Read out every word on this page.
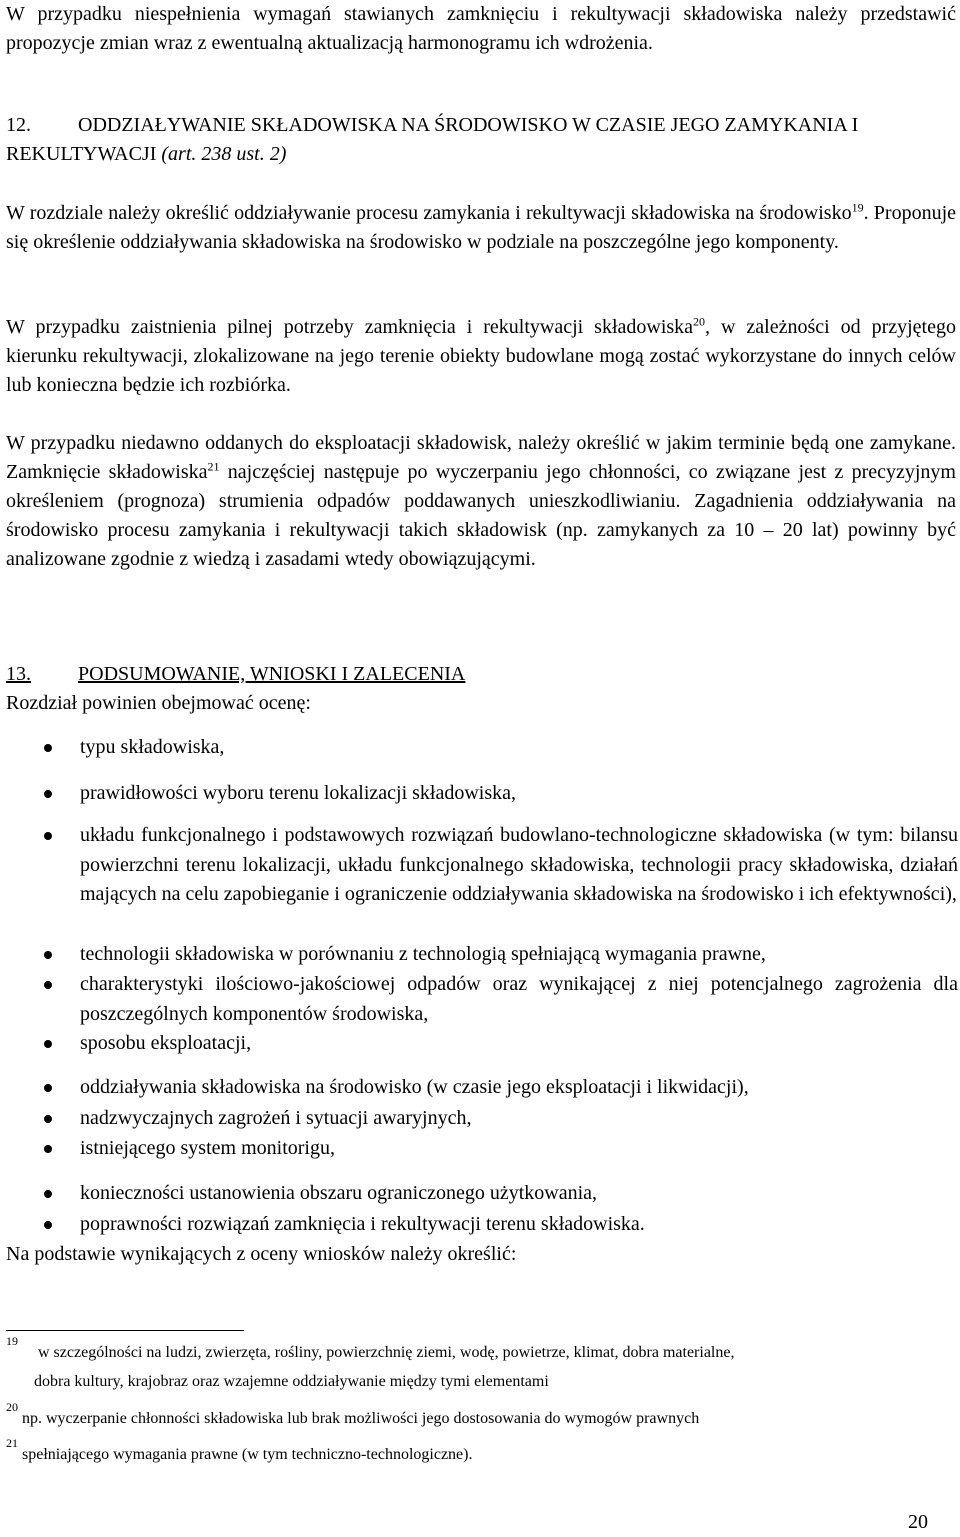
W przypadku niespełnienia wymagań stawianych zamknięciu i rekultywacji składowiska należy przedstawić propozycje zmian wraz z ewentualną aktualizacją harmonogramu ich wdrożenia.

12. ODDZIAŁYWANIE SKŁADOWISKA NA ŚRODOWISKO W CZASIE JEGO ZAMYKANIA I REKULTYWACJI (art. 238 ust. 2)

W rozdziale należy określić oddziaływanie procesu zamykania i rekultywacji składowiska na środowisko$^{19}$. Proponuje się określenie oddziaływania składowiska na środowisko w podziale na poszczególne jego komponenty.

W przypadku zaistnienia pilnej potrzeby zamknięcia i rekultywacji składowiska$^{20}$, w zależności od przyjętego kierunku rekultywacji, zlokalizowane na jego terenie obiekty budowlane mogą zostać wykorzystane do innych celów lub konieczna będzie ich rozbiórka.

W przypadku niedawno oddanych do eksploatacji składowisk, należy określić w jakim terminie będą one zamykane. Zamknięcie składowiska$^{21}$ najczęściej następuje po wyczerpaniu jego chłonności, co związane jest z precyzyjnym określeniem (prognoza) strumienia odpadów poddawanych unieszkodliwianiu. Zagadnienia oddziaływania na środowisko procesu zamykania i rekultywacji takich składowisk (np. zamykanych za 10 – 20 lat) powinny być analizowane zgodnie z wiedzą i zasadami wtedy obowiązującymi.

13. PODSUMOWANIE, WNIOSKI I ZALECENIA

Rozdział powinien obejmować ocenę:

typu składowiska,

prawidłowości wyboru terenu lokalizacji składowiska,

układu funkcjonalnego i podstawowych rozwiązań budowlano-technologiczne składowiska (w tym: bilansu powierzchni terenu lokalizacji, układu funkcjonalnego składowiska, technologii pracy składowiska, działań mających na celu zapobieganie i ograniczenie oddziaływania składowiska na środowisko i ich efektywności),

technologii składowiska w porównaniu z technologią spełniającą wymagania prawne,

charakterystyki ilościowo-jakościowej odpadów oraz wynikającej z niej potencjalnego zagrożenia dla poszczególnych komponentów środowiska,

sposobu eksploatacji,

oddziaływania składowiska na środowisko (w czasie jego eksploatacji i likwidacji),

nadzwyczajnych zagrożeń i sytuacji awaryjnych,

istniejącego system monitorigu,

konieczności ustanowienia obszaru ograniczonego użytkowania,

poprawności rozwiązań zamknięcia i rekultywacji terenu składowiska.

Na podstawie wynikających z oceny wniosków należy określić:

19
w szczególności na ludzi, zwierzęta, rośliny, powierzchnię ziemi, wodę, powietrze, klimat, dobra materialne,
dobra kultury, krajobraz oraz wzajemne oddziaływanie między tymi elementami
20
np. wyczerpanie chłonności składowiska lub brak możliwości jego dostosowania do wymogów prawnych
21
spełniającego wymagania prawne (w tym techniczno-technologiczne).
20
